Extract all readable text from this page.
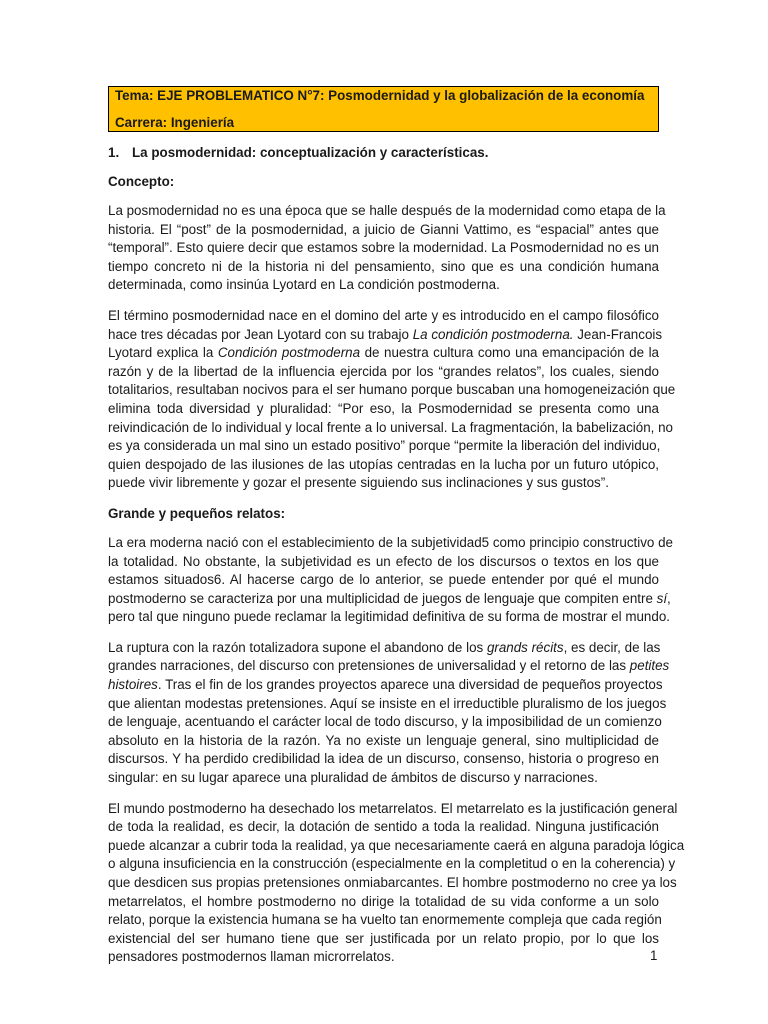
Tema: EJE PROBLEMATICO N°7: Posmodernidad y la globalización de la economía
Carrera: Ingeniería
1. La posmodernidad: conceptualización y características.
Concepto:

La posmodernidad no es una época que se halle después de la modernidad como etapa de la
historia. El “post” de la posmodernidad, a juicio de Gianni Vattimo, es “espacial” antes que
“temporal”. Esto quiere decir que estamos sobre la modernidad. La Posmodernidad no es un
tiempo concreto ni de la historia ni del pensamiento, sino que es una condición humana
determinada, como insinúa Lyotard en La condición postmoderna.

El término posmodernidad nace en el domino del arte y es introducido en el campo filosófico
hace tres décadas por Jean Lyotard con su trabajo La condición postmoderna. Jean-Francois
Lyotard explica la Condición postmoderna de nuestra cultura como una emancipación de la
razón y de la libertad de la influencia ejercida por los “grandes relatos”, los cuales, siendo
totalitarios, resultaban nocivos para el ser humano porque buscaban una homogeneización que
elimina toda diversidad y pluralidad: “Por eso, la Posmodernidad se presenta como una
reivindicación de lo individual y local frente a lo universal. La fragmentación, la babelización, no
es ya considerada un mal sino un estado positivo” porque “permite la liberación del individuo,
quien despojado de las ilusiones de las utopías centradas en la lucha por un futuro utópico,
puede vivir libremente y gozar el presente siguiendo sus inclinaciones y sus gustos”.

Grande y pequeños relatos:

La era moderna nació con el establecimiento de la subjetividad5 como principio constructivo de
la totalidad. No obstante, la subjetividad es un efecto de los discursos o textos en los que
estamos situados6. Al hacerse cargo de lo anterior, se puede entender por qué el mundo
postmoderno se caracteriza por una multiplicidad de juegos de lenguaje que compiten entre sí,
pero tal que ninguno puede reclamar la legitimidad definitiva de su forma de mostrar el mundo.

La ruptura con la razón totalizadora supone el abandono de los grands récits, es decir, de las
grandes narraciones, del discurso con pretensiones de universalidad y el retorno de las petites
histoires. Tras el fin de los grandes proyectos aparece una diversidad de pequeños proyectos
que alientan modestas pretensiones. Aquí se insiste en el irreductible pluralismo de los juegos
de lenguaje, acentuando el carácter local de todo discurso, y la imposibilidad de un comienzo
absoluto en la historia de la razón. Ya no existe un lenguaje general, sino multiplicidad de
discursos. Y ha perdido credibilidad la idea de un discurso, consenso, historia o progreso en
singular: en su lugar aparece una pluralidad de ámbitos de discurso y narraciones.

El mundo postmoderno ha desechado los metarrelatos. El metarrelato es la justificación general
de toda la realidad, es decir, la dotación de sentido a toda la realidad. Ninguna justificación
puede alcanzar a cubrir toda la realidad, ya que necesariamente caerá en alguna paradoja lógica
o alguna insuficiencia en la construcción (especialmente en la completitud o en la coherencia) y
que desdicen sus propias pretensiones onmiabarcantes. El hombre postmoderno no cree ya los
metarrelatos, el hombre postmoderno no dirige la totalidad de su vida conforme a un solo
relato, porque la existencia humana se ha vuelto tan enormemente compleja que cada región
existencial del ser humano tiene que ser justificada por un relato propio, por lo que los
pensadores postmodernos llaman microrrelatos.	1
